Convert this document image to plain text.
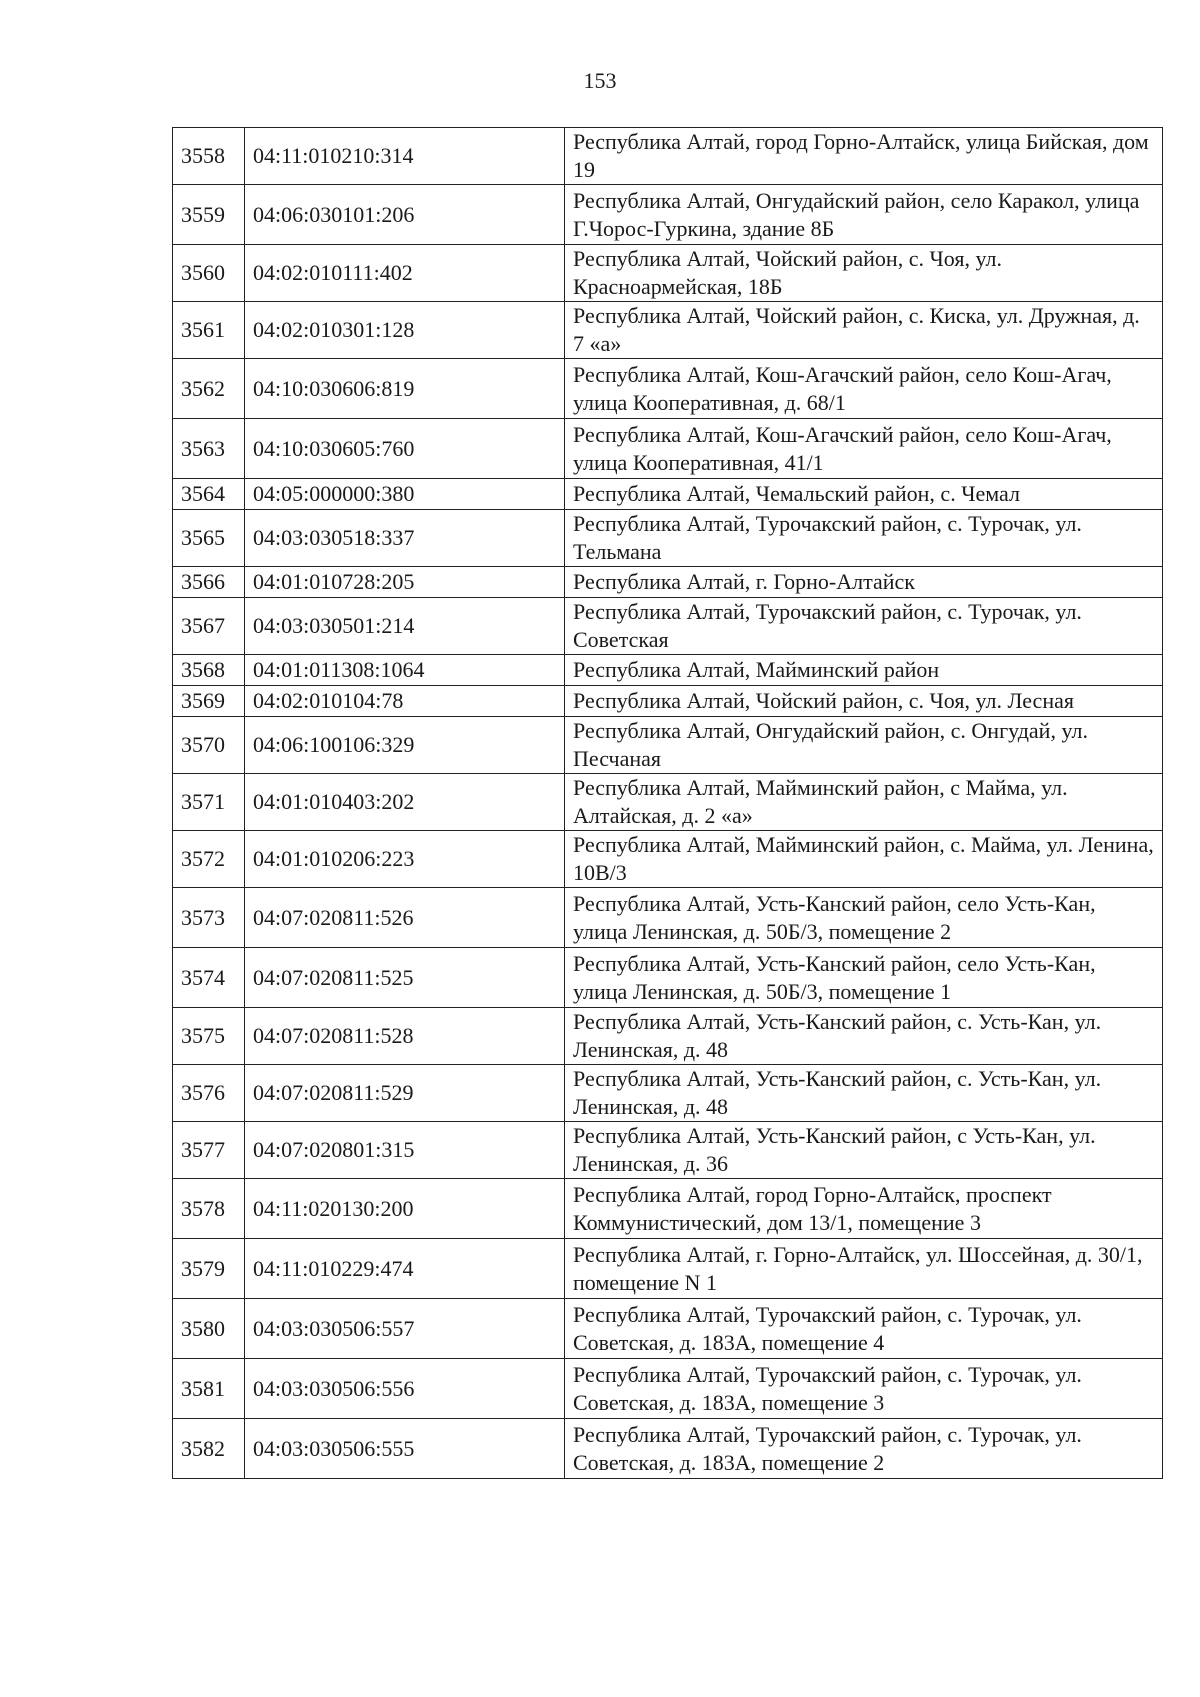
153
3558	04:11:010210:314	Республика Алтай, город Горно-Алтайск, улица Бийская, дом 19
3559	04:06:030101:206	Республика Алтай, Онгудайский район, село Каракол, улица Г.Чорос-Гуркина, здание 8Б
3560	04:02:010111:402	Республика Алтай, Чойский район, с. Чоя, ул. Красноармейская, 18Б
3561	04:02:010301:128	Республика Алтай, Чойский район, с. Киска, ул. Дружная, д. 7 «а»
3562	04:10:030606:819	Республика Алтай, Кош-Агачский район, село Кош-Агач, улица Кооперативная, д. 68/1
3563	04:10:030605:760	Республика Алтай, Кош-Агачский район, село Кош-Агач, улица Кооперативная, 41/1
3564	04:05:000000:380	Республика Алтай, Чемальский район, с. Чемал
3565	04:03:030518:337	Республика Алтай, Турочакский район, с. Турочак, ул. Тельмана
3566	04:01:010728:205	Республика Алтай, г. Горно-Алтайск
3567	04:03:030501:214	Республика Алтай, Турочакский район, с. Турочак, ул. Советская
3568	04:01:011308:1064	Республика Алтай, Майминский район
3569	04:02:010104:78	Республика Алтай, Чойский район, с. Чоя, ул. Лесная
3570	04:06:100106:329	Республика Алтай, Онгудайский район, с. Онгудай, ул. Песчаная
3571	04:01:010403:202	Республика Алтай, Майминский район, с Майма, ул. Алтайская, д. 2 «а»
3572	04:01:010206:223	Республика Алтай, Майминский район, с. Майма, ул. Ленина, 10В/3
3573	04:07:020811:526	Республика Алтай, Усть-Канский район, село Усть-Кан, улица Ленинская, д. 50Б/3, помещение 2
3574	04:07:020811:525	Республика Алтай, Усть-Канский район, село Усть-Кан, улица Ленинская, д. 50Б/3, помещение 1
3575	04:07:020811:528	Республика Алтай, Усть-Канский район, с. Усть-Кан, ул. Ленинская, д. 48
3576	04:07:020811:529	Республика Алтай, Усть-Канский район, с. Усть-Кан, ул. Ленинская, д. 48
3577	04:07:020801:315	Республика Алтай, Усть-Канский район, с Усть-Кан, ул. Ленинская, д. 36
3578	04:11:020130:200	Республика Алтай, город Горно-Алтайск, проспект Коммунистический, дом 13/1, помещение 3
3579	04:11:010229:474	Республика Алтай, г. Горно-Алтайск, ул. Шоссейная, д. 30/1, помещение N 1
3580	04:03:030506:557	Республика Алтай, Турочакский район, с. Турочак, ул. Советская, д. 183А, помещение 4
3581	04:03:030506:556	Республика Алтай, Турочакский район, с. Турочак, ул. Советская, д. 183А, помещение 3
3582	04:03:030506:555	Республика Алтай, Турочакский район, с. Турочак, ул. Советская, д. 183А, помещение 2
